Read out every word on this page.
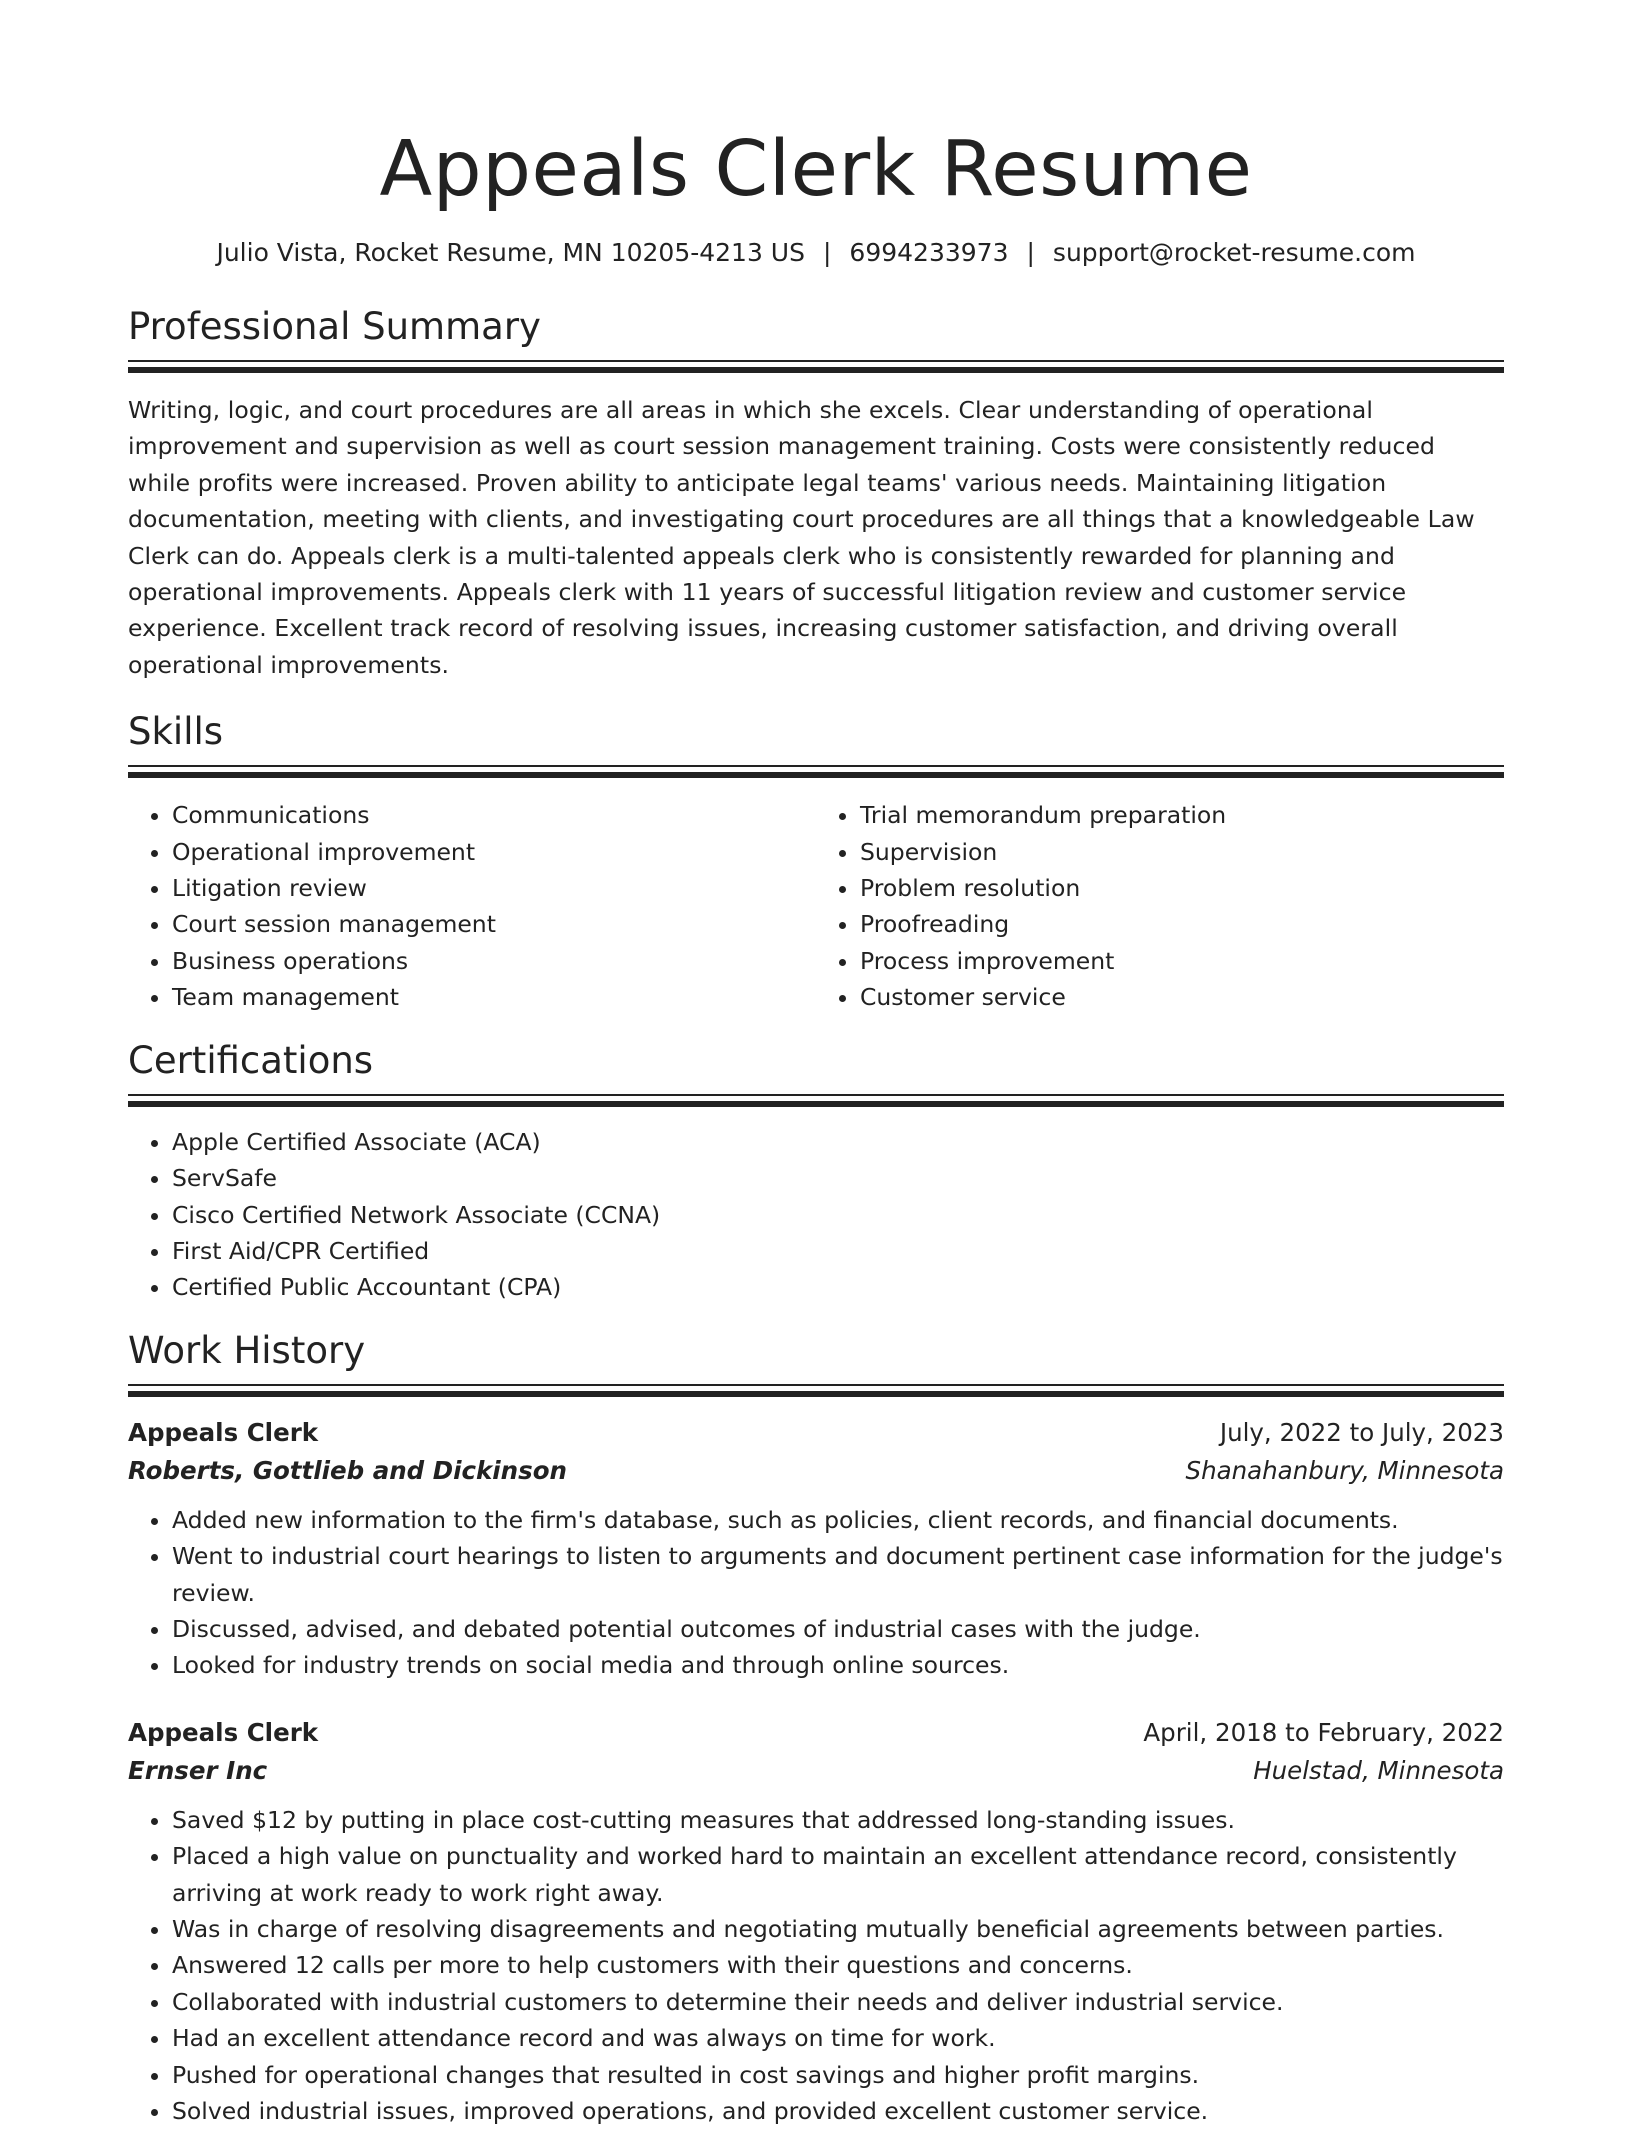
Appeals Clerk Resume
Julio Vista, Rocket Resume, MN 10205-4213 US | 6994233973 | support@rocket-resume.com
Professional Summary

Writing, logic, and court procedures are all areas in which she excels. Clear understanding of operational improvement and supervision as well as court session management training. Costs were consistently reduced while profits were increased. Proven ability to anticipate legal teams' various needs. Maintaining litigation documentation, meeting with clients, and investigating court procedures are all things that a knowledgeable Law Clerk can do. Appeals clerk is a multi-talented appeals clerk who is consistently rewarded for planning and operational improvements. Appeals clerk with 11 years of successful litigation review and customer service experience. Excellent track record of resolving issues, increasing customer satisfaction, and driving overall operational improvements.

Skills
• Communications
• Operational improvement
• Litigation review
• Court session management
• Business operations
• Team management
• Trial memorandum preparation
• Supervision
• Problem resolution
• Proofreading
• Process improvement
• Customer service
Certifications
• Apple Certified Associate (ACA)
• ServSafe
• Cisco Certified Network Associate (CCNA)
• First Aid/CPR Certified
• Certified Public Accountant (CPA)
Work History
Appeals Clerk	July, 2022 to July, 2023
Roberts, Gottlieb and Dickinson	Shanahanbury, Minnesota
• Added new information to the firm's database, such as policies, client records, and financial documents.
• Went to industrial court hearings to listen to arguments and document pertinent case information for the judge's review.
• Discussed, advised, and debated potential outcomes of industrial cases with the judge.
• Looked for industry trends on social media and through online sources.
Appeals Clerk	April, 2018 to February, 2022
Ernser Inc	Huelstad, Minnesota
• Saved $12 by putting in place cost-cutting measures that addressed long-standing issues.
• Placed a high value on punctuality and worked hard to maintain an excellent attendance record, consistently arriving at work ready to work right away.
• Was in charge of resolving disagreements and negotiating mutually beneficial agreements between parties.
• Answered 12 calls per more to help customers with their questions and concerns.
• Collaborated with industrial customers to determine their needs and deliver industrial service.
• Had an excellent attendance record and was always on time for work.
• Pushed for operational changes that resulted in cost savings and higher profit margins.
• Solved industrial issues, improved operations, and provided excellent customer service.
